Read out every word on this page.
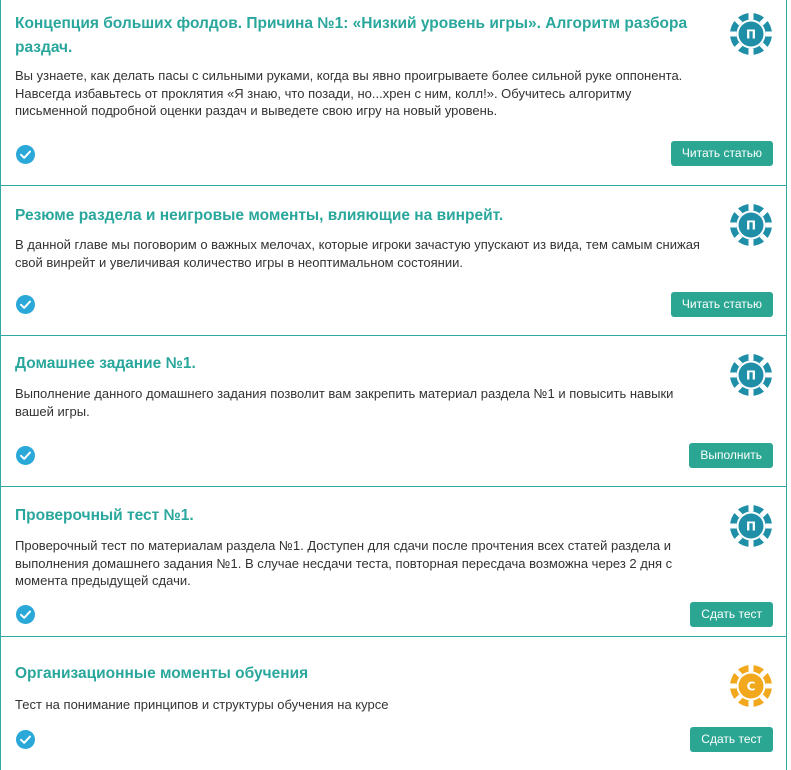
Концепция больших фолдов. Причина №1: «Низкий уровень игры». Алгоритм разбора раздач.
Вы узнаете, как делать пасы с сильными руками, когда вы явно проигрываете более сильной руке оппонента. Навсегда избавьтесь от проклятия «Я знаю, что позади, но...хрен с ним, колл!». Обучитесь алгоритму письменной подробной оценки раздач и выведете свою игру на новый уровень.
П
Читать статью
Резюме раздела и неигровые моменты, влияющие на винрейт.
В данной главе мы поговорим о важных мелочах, которые игроки зачастую упускают из вида, тем самым снижая свой винрейт и увеличивая количество игры в неоптимальном состоянии.
П
Читать статью
Домашнее задание №1.
Выполнение данного домашнего задания позволит вам закрепить материал раздела №1 и повысить навыки вашей игры.
П
Выполнить
Проверочный тест №1.
Проверочный тест по материалам раздела №1. Доступен для сдачи после прочтения всех статей раздела и выполнения домашнего задания №1. В случае несдачи теста, повторная пересдача возможна через 2 дня с момента предыдущей сдачи.
П
Сдать тест
Организационные моменты обучения
Тест на понимание принципов и структуры обучения на курсе
С
Сдать тест
